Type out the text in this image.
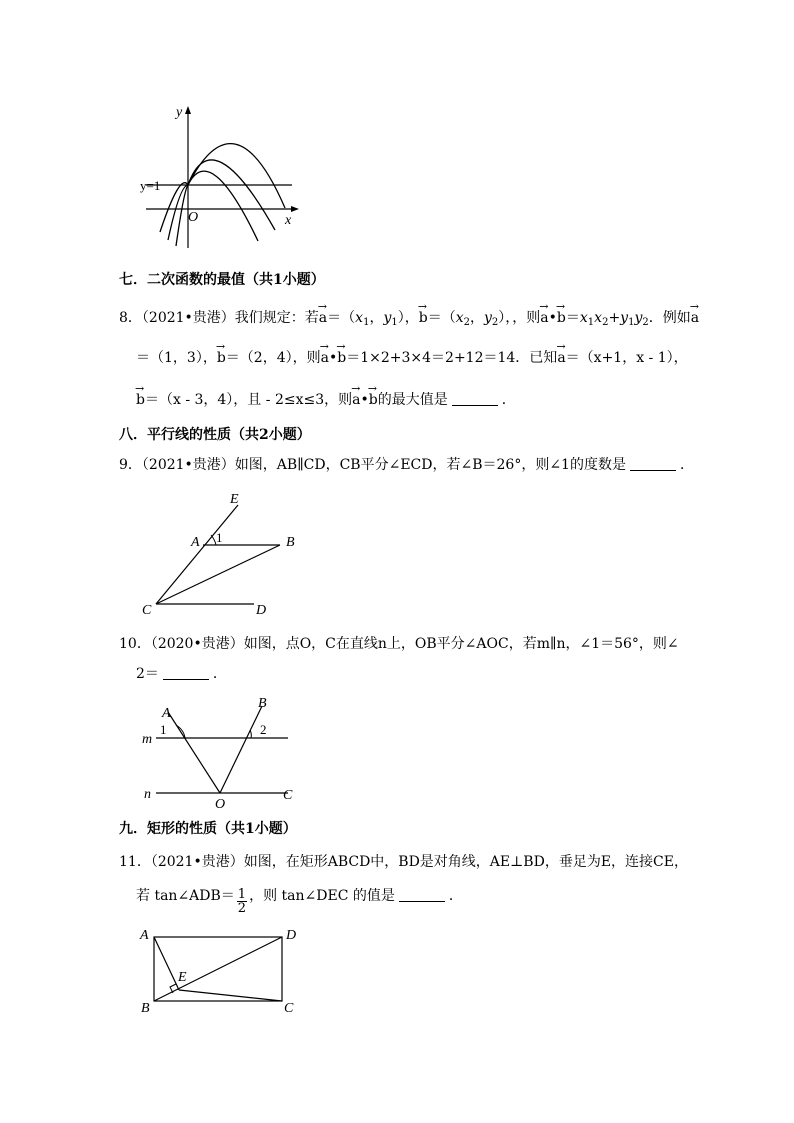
y
x
O
y=1
七．二次函数的最值（共1小题）
8．（2021•贵港）我们规定：若→ $a=(x_1$，$y_1$），→ $b=(x_2$，$y_2$），，则→ a•→ $b=x_1x_2+y_1y_2$．例如→ a
＝（1，3），→ b＝（2，4），则→ a•→ b＝1×2+3×4＝2+12＝14．已知→ a＝（x+1，x - 1），
→ b＝（x - 3，4），且 - 2≤x≤3，则→ a•→ b的最大值是	．
八．平行线的性质（共2小题）
9．（2021•贵港）如图，AB∥CD，CB平分∠ECD，若∠B＝26°，则∠1的度数是	．
E
A 1	B
C	D
10．（2020•贵港）如图，点O，C在直线n上，OB平分∠AOC，若m∥n，∠1＝56°，则∠
2＝	．
A
B
m
1	2
n
O
C
九．矩形的性质（共1小题）
11．（2021•贵港）如图，在矩形ABCD中，BD是对角线，AE⊥BD，垂足为E，连接CE，
若 tan∠ADB＝ $\frac{1}{2}$ ，则 tan∠DEC 的值是	．
A	D
E
B	C
